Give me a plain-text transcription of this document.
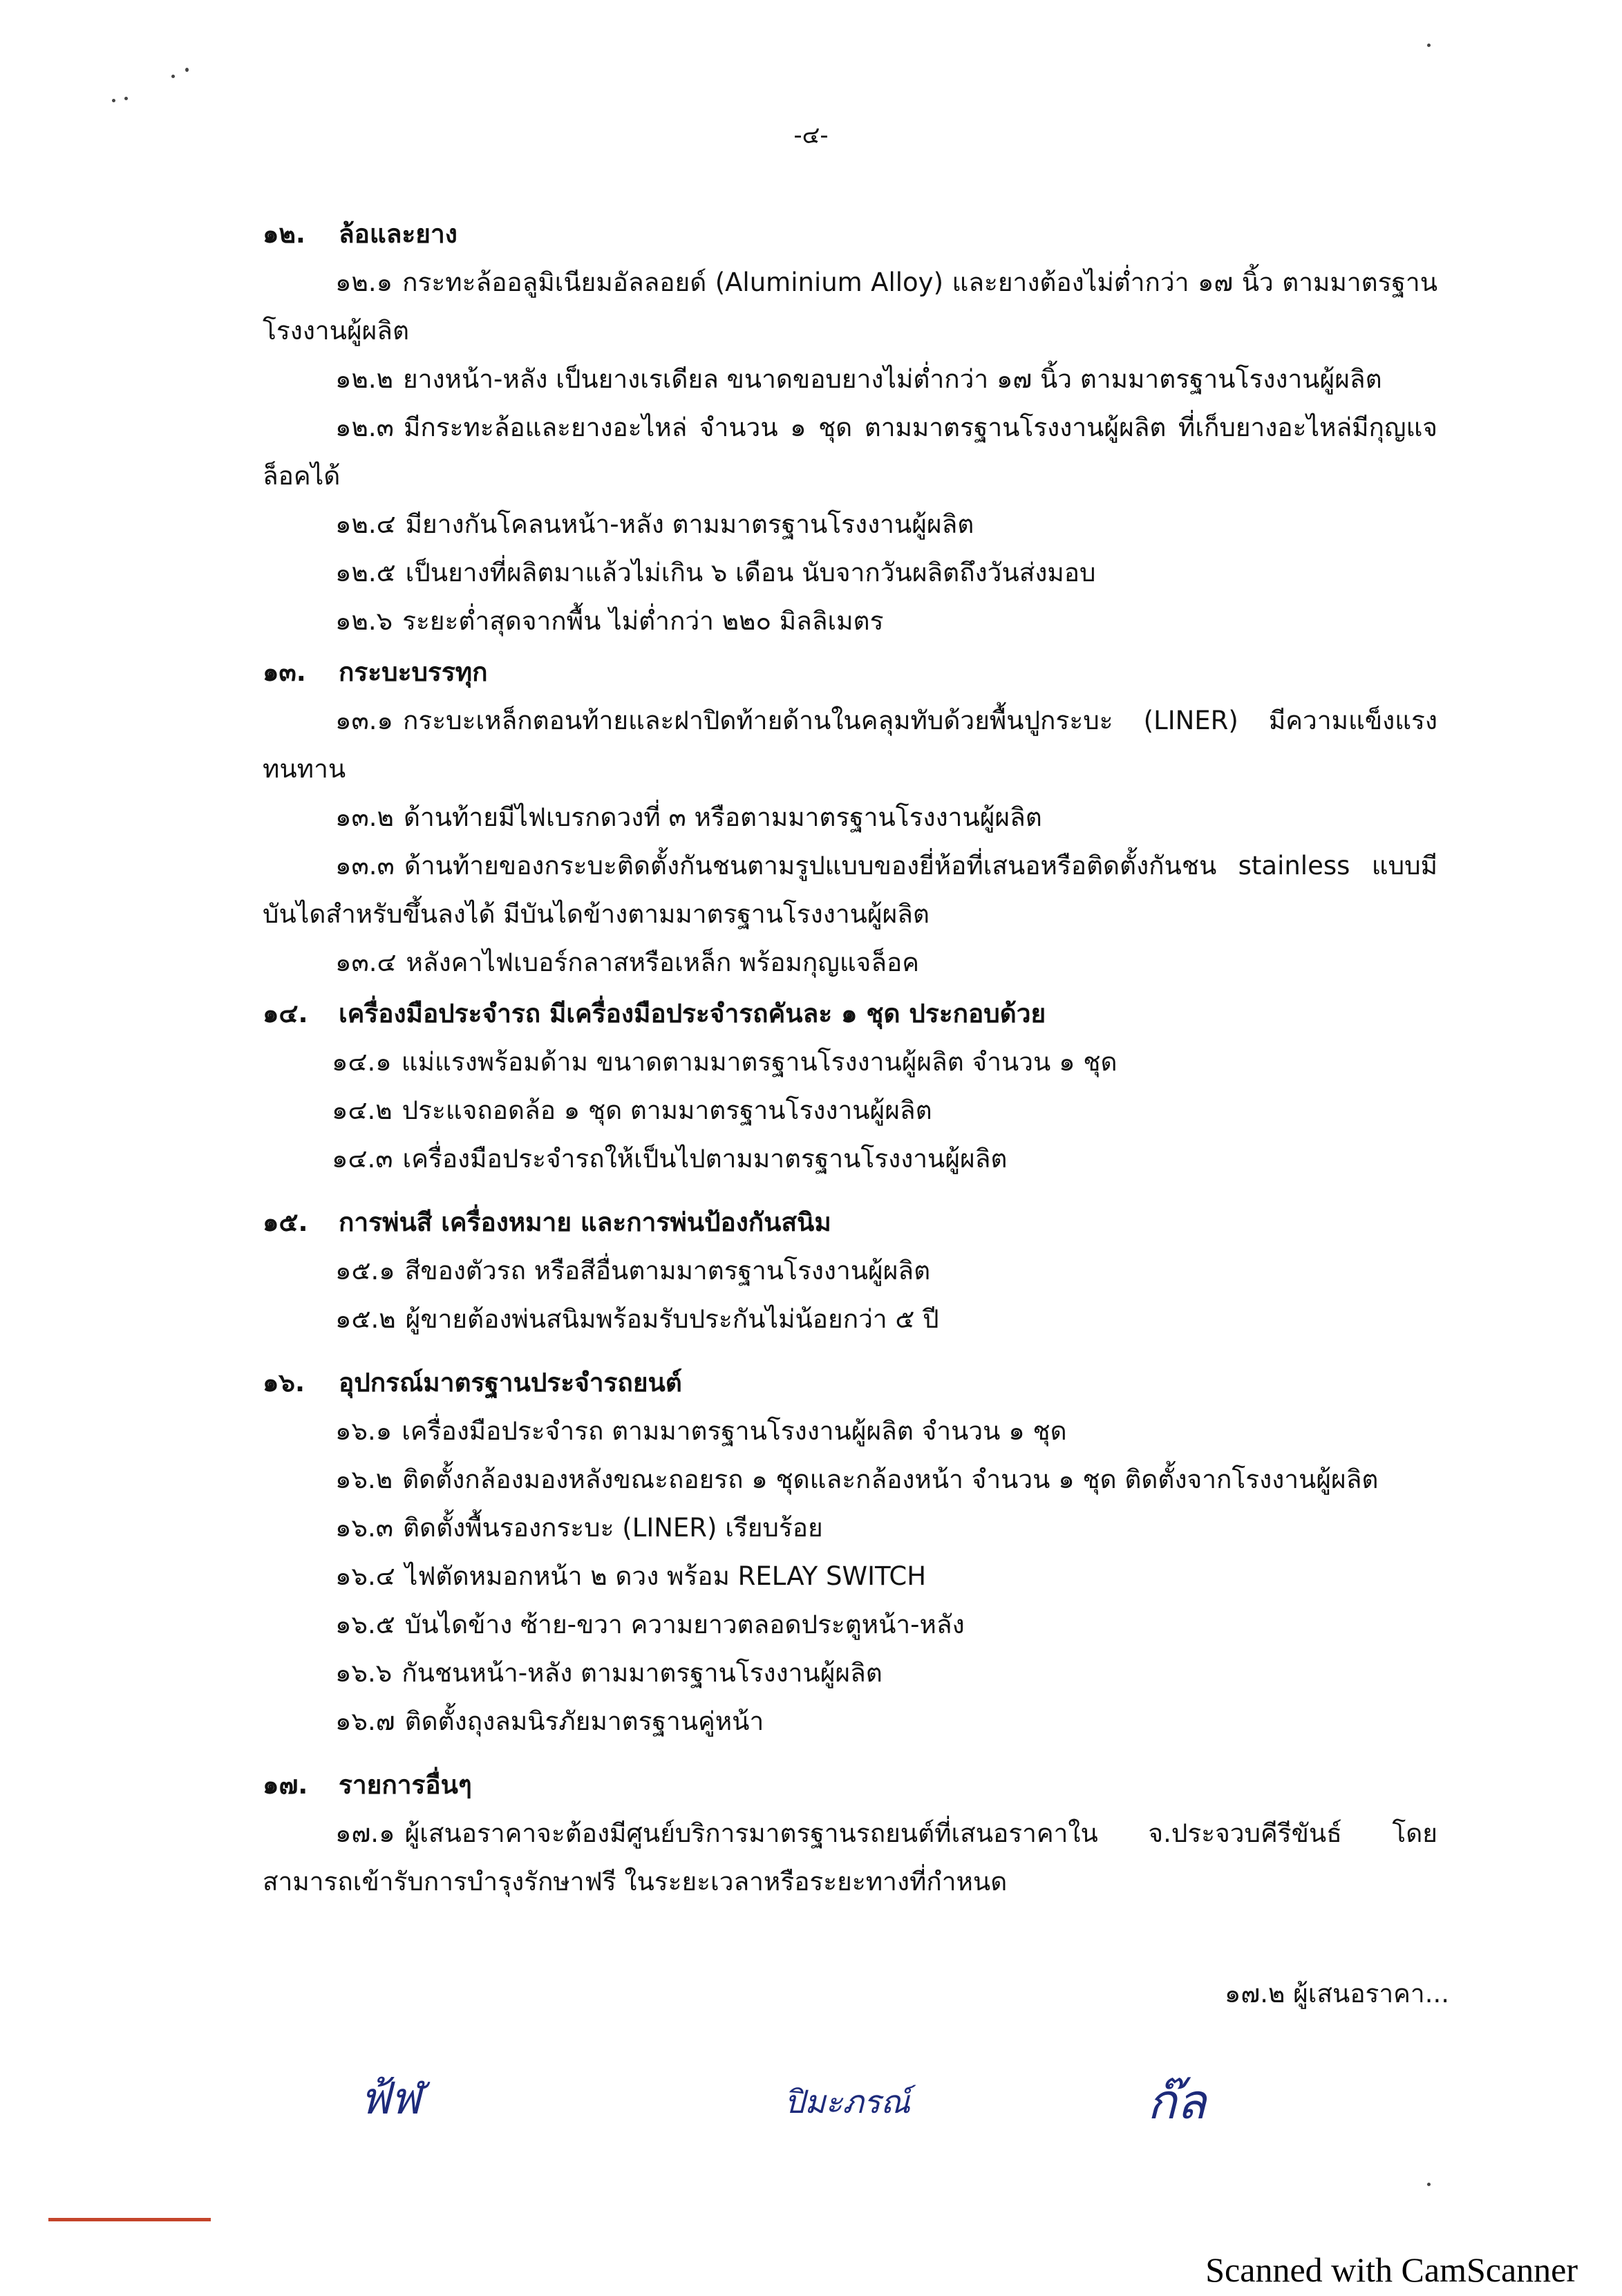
-๔-
๑๒. ล้อและยาง
๑๒.๑ กระทะล้ออลูมิเนียมอัลลอยด์ (Aluminium Alloy) และยางต้องไม่ต่ำกว่า ๑๗ นิ้ว ตามมาตรฐานโรงงานผู้ผลิต
๑๒.๒ ยางหน้า-หลัง เป็นยางเรเดียล ขนาดขอบยางไม่ต่ำกว่า ๑๗ นิ้ว ตามมาตรฐานโรงงานผู้ผลิต
๑๒.๓ มีกระทะล้อและยางอะไหล่ จำนวน ๑ ชุด ตามมาตรฐานโรงงานผู้ผลิต ที่เก็บยางอะไหล่มีกุญแจล็อคได้
๑๒.๔ มียางกันโคลนหน้า-หลัง ตามมาตรฐานโรงงานผู้ผลิต
๑๒.๕ เป็นยางที่ผลิตมาแล้วไม่เกิน ๖ เดือน นับจากวันผลิตถึงวันส่งมอบ
๑๒.๖ ระยะต่ำสุดจากพื้น ไม่ต่ำกว่า ๒๒๐ มิลลิเมตร
๑๓. กระบะบรรทุก
๑๓.๑ กระบะเหล็กตอนท้ายและฝาปิดท้ายด้านในคลุมทับด้วยพื้นปูกระบะ (LINER) มีความแข็งแรงทนทาน
๑๓.๒ ด้านท้ายมีไฟเบรกดวงที่ ๓ หรือตามมาตรฐานโรงงานผู้ผลิต
๑๓.๓ ด้านท้ายของกระบะติดตั้งกันชนตามรูปแบบของยี่ห้อที่เสนอหรือติดตั้งกันชน stainless แบบมีบันไดสำหรับขึ้นลงได้ มีบันไดข้างตามมาตรฐานโรงงานผู้ผลิต
๑๓.๔ หลังคาไฟเบอร์กลาสหรือเหล็ก พร้อมกุญแจล็อค
๑๔. เครื่องมือประจำรถ มีเครื่องมือประจำรถคันละ ๑ ชุด ประกอบด้วย
๑๔.๑ แม่แรงพร้อมด้าม ขนาดตามมาตรฐานโรงงานผู้ผลิต จำนวน ๑ ชุด
๑๔.๒ ประแจถอดล้อ ๑ ชุด ตามมาตรฐานโรงงานผู้ผลิต
๑๔.๓ เครื่องมือประจำรถให้เป็นไปตามมาตรฐานโรงงานผู้ผลิต
๑๕. การพ่นสี เครื่องหมาย และการพ่นป้องกันสนิม
๑๕.๑ สีของตัวรถ หรือสีอื่นตามมาตรฐานโรงงานผู้ผลิต
๑๕.๒ ผู้ขายต้องพ่นสนิมพร้อมรับประกันไม่น้อยกว่า ๕ ปี
๑๖. อุปกรณ์มาตรฐานประจำรถยนต์
๑๖.๑ เครื่องมือประจำรถ ตามมาตรฐานโรงงานผู้ผลิต จำนวน ๑ ชุด
๑๖.๒ ติดตั้งกล้องมองหลังขณะถอยรถ ๑ ชุดและกล้องหน้า จำนวน ๑ ชุด ติดตั้งจากโรงงานผู้ผลิต
๑๖.๓ ติดตั้งพื้นรองกระบะ (LINER) เรียบร้อย
๑๖.๔ ไฟตัดหมอกหน้า ๒ ดวง พร้อม RELAY SWITCH
๑๖.๕ บันไดข้าง ซ้าย-ขวา ความยาวตลอดประตูหน้า-หลัง
๑๖.๖ กันชนหน้า-หลัง ตามมาตรฐานโรงงานผู้ผลิต
๑๖.๗ ติดตั้งถุงลมนิรภัยมาตรฐานคู่หน้า
๑๗. รายการอื่นๆ
๑๗.๑ ผู้เสนอราคาจะต้องมีศูนย์บริการมาตรฐานรถยนต์ที่เสนอราคาใน จ.ประจวบคีรีขันธ์ โดยสามารถเข้ารับการบำรุงรักษาฟรี ในระยะเวลาหรือระยะทางที่กำหนด
๑๗.๒ ผู้เสนอราคา...
ฟ้ฬ	ปิมะภรณ์	ก๊ล
Scanned with CamScanner
